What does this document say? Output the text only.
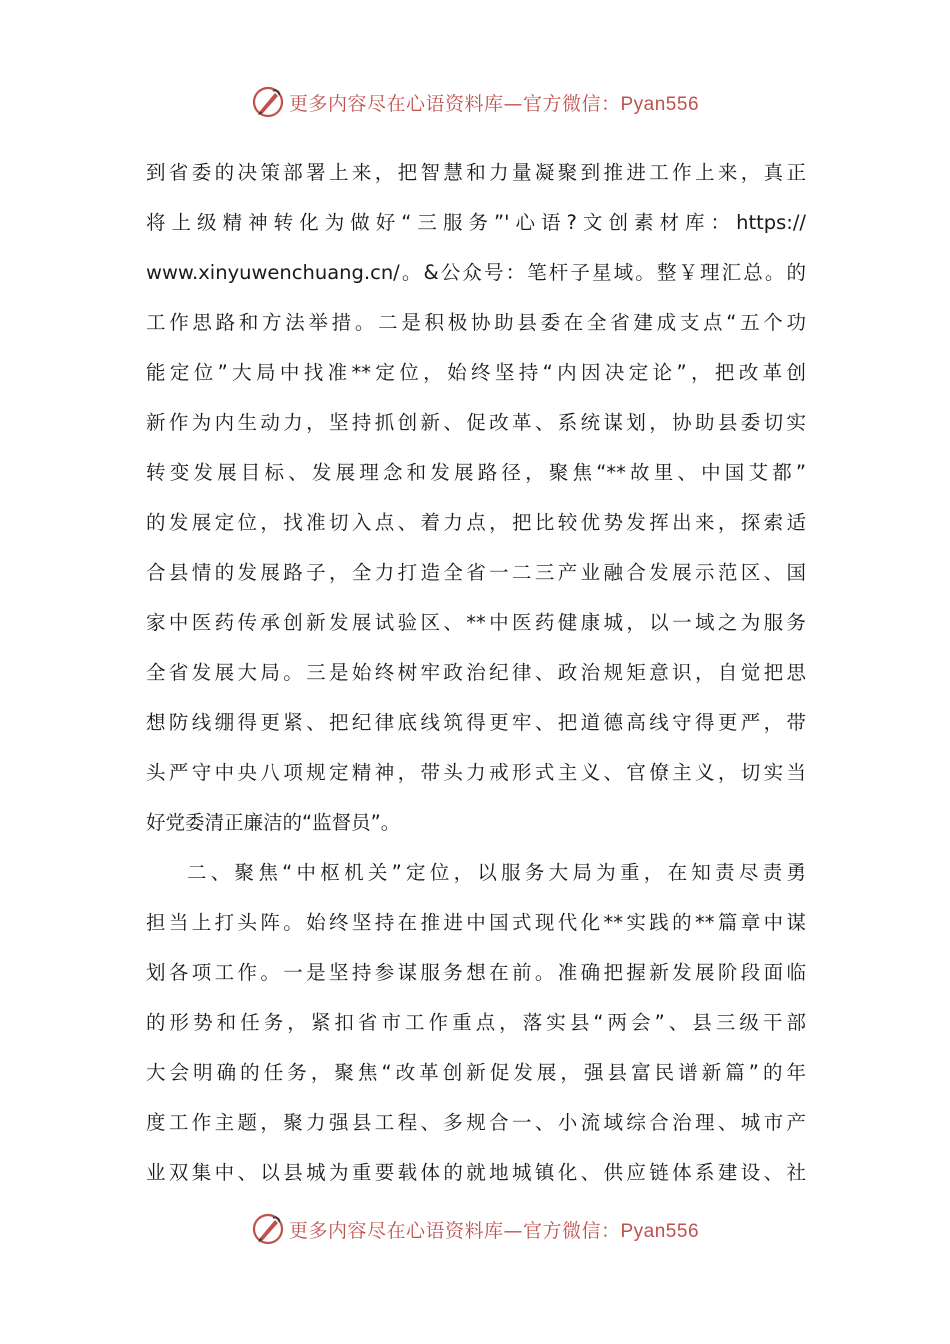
更多内容尽在心语资料库—官方微信：Pyan556
到省委的决策部署上来，把智慧和力量凝聚到推进工作上来，真正
将上级精神转化为做好“三服务”'心语?文创素材库：https://
www.xinyuwenchuang.cn/。&公众号：笔杆子星域。整￥理汇总。的
工作思路和方法举措。二是积极协助县委在全省建成支点“五个功
能定位”大局中找准**定位，始终坚持“内因决定论”，把改革创
新作为内生动力，坚持抓创新、促改革、系统谋划，协助县委切实
转变发展目标、发展理念和发展路径，聚焦“**故里、中国艾都”
的发展定位，找准切入点、着力点，把比较优势发挥出来，探索适
合县情的发展路子，全力打造全省一二三产业融合发展示范区、国
家中医药传承创新发展试验区、**中医药健康城，以一域之为服务
全省发展大局。三是始终树牢政治纪律、政治规矩意识，自觉把思
想防线绷得更紧、把纪律底线筑得更牢、把道德高线守得更严，带
头严守中央八项规定精神，带头力戒形式主义、官僚主义，切实当
好党委清正廉洁的“监督员”。
二、聚焦“中枢机关”定位，以服务大局为重，在知责尽责勇
担当上打头阵。始终坚持在推进中国式现代化**实践的**篇章中谋
划各项工作。一是坚持参谋服务想在前。准确把握新发展阶段面临
的形势和任务，紧扣省市工作重点，落实县“两会”、县三级干部
大会明确的任务，聚焦“改革创新促发展，强县富民谱新篇”的年
度工作主题，聚力强县工程、多规合一、小流域综合治理、城市产
业双集中、以县城为重要载体的就地城镇化、供应链体系建设、社
更多内容尽在心语资料库—官方微信：Pyan556
